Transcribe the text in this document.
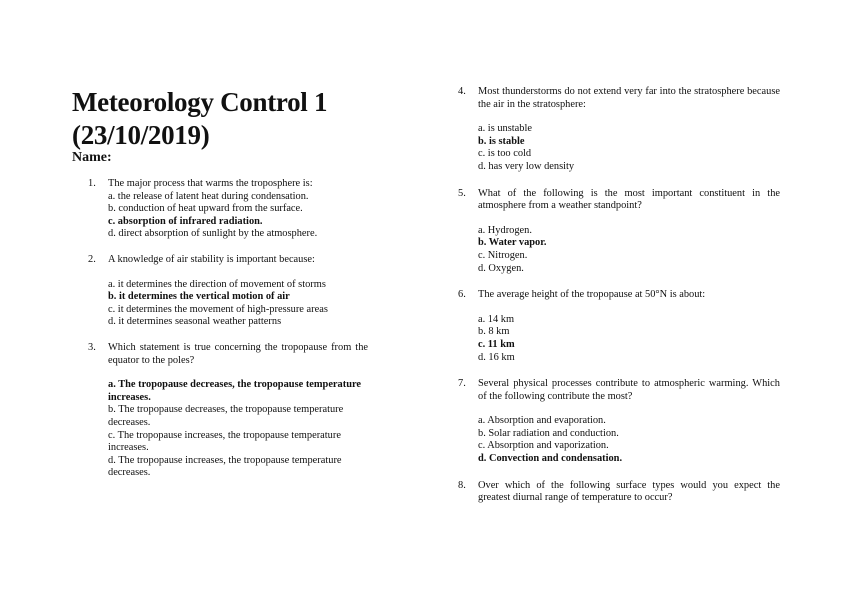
Meteorology Control 1
(23/10/2019)
Name:
1. The major process that warms the troposphere is:
a. the release of latent heat during condensation.
b. conduction of heat upward from the surface.
c. absorption of infrared radiation.
d. direct absorption of sunlight by the atmosphere.
2. A knowledge of air stability is important because:
a. it determines the direction of movement of storms
b. it determines the vertical motion of air
c. it determines the movement of high-pressure areas
d. it determines seasonal weather patterns
3. Which statement is true concerning the tropopause from the equator to the poles?
a. The tropopause decreases, the tropopause temperature increases.
b. The tropopause decreases, the tropopause temperature decreases.
c. The tropopause increases, the tropopause temperature increases.
d. The tropopause increases, the tropopause temperature decreases.
4. Most thunderstorms do not extend very far into the stratosphere because the air in the stratosphere:
a. is unstable
b. is stable
c. is too cold
d. has very low density
5. What of the following is the most important constituent in the atmosphere from a weather standpoint?
a. Hydrogen.
b. Water vapor.
c. Nitrogen.
d. Oxygen.
6. The average height of the tropopause at 50°N is about:
a. 14 km
b. 8 km
c. 11 km
d. 16 km
7. Several physical processes contribute to atmospheric warming. Which of the following contribute the most?
a. Absorption and evaporation.
b. Solar radiation and conduction.
c. Absorption and vaporization.
d. Convection and condensation.
8. Over which of the following surface types would you expect the greatest diurnal range of temperature to occur?
